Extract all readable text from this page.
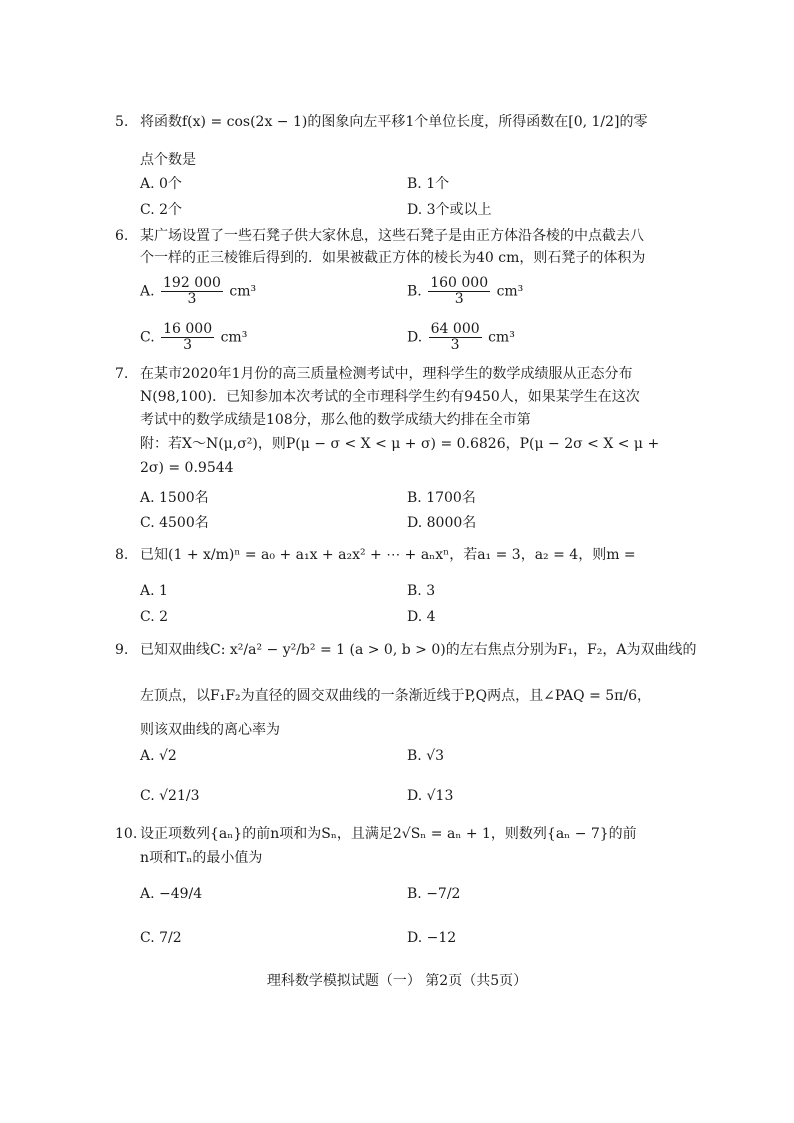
5. 将函数f(x) = cos(2x − 1)的图象向左平移1个单位长度，所得函数在[0, 1/2]的零
点个数是
A. 0个	B. 1个
C. 2个	D. 3个或以上
6. 某广场设置了一些石凳子供大家休息，这些石凳子是由正方体沿各棱的中点截去八
个一样的正三棱锥后得到的．如果被截正方体的棱长为40 cm，则石凳子的体积为
A. $\frac{192 000}{3} cm^3$	B. $\frac{160 000}{3} cm^3$
C. $\frac{16 000}{3} cm^3$	D. $\frac{64 000}{3} cm^3$
7. 在某市2020年1月份的高三质量检测考试中，理科学生的数学成绩服从正态分布
N(98,100)．已知参加本次考试的全市理科学生约有9450人，如果某学生在这次
考试中的数学成绩是108分，那么他的数学成绩大约排在全市第
附：若X～N(μ,σ²)，则P(μ − σ < X < μ + σ) = 0.6826，P(μ − 2σ < X < μ +
2σ) = 0.9544
A. 1500名	B. 1700名
C. 4500名	D. 8000名
8. 已知(1 + x/m)ⁿ = a₀ + a₁x + a₂x² + ⋯ + aₙxⁿ，若a₁ = 3，a₂ = 4，则m =
A. 1	B. 3
C. 2	D. 4
9. 已知双曲线C: x²/a² − y²/b² = 1 (a > 0, b > 0)的左右焦点分别为F₁，F₂，A为双曲线的
左顶点，以F₁F₂为直径的圆交双曲线的一条渐近线于P,Q两点，且∠PAQ = 5π/6，
则该双曲线的离心率为
A. √2	B. √3
C. √21/3	D. √13
10. 设正项数列{aₙ}的前n项和为Sₙ，且满足2√Sₙ = aₙ + 1，则数列{aₙ − 7}的前
n项和Tₙ的最小值为
A. −49/4	B. −7/2
C. 7/2	D. −12
理科数学模拟试题（一） 第2页（共5页）
